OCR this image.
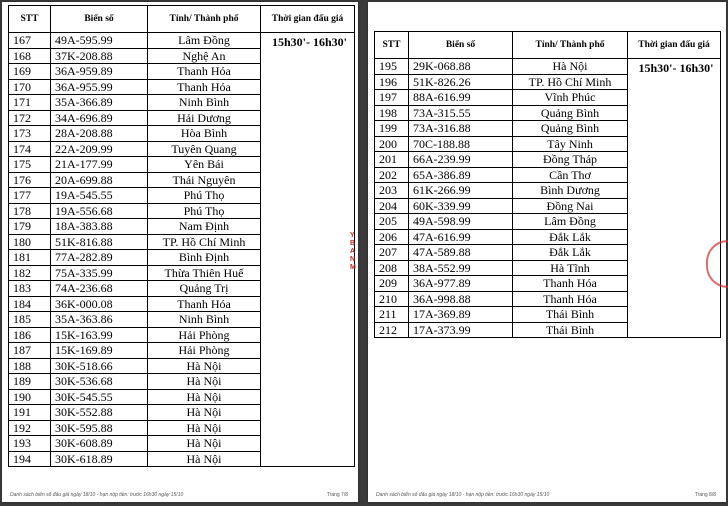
STT	Biển số	Tỉnh/ Thành phố	Thời gian đấu giá
167	49A-595.99	Lâm Đồng	15h30'- 16h30'
168	37K-208.88	Nghệ An	
169	36A-959.89	Thanh Hóa	
170	36A-955.99	Thanh Hóa	
171	35A-366.89	Ninh Bình	
172	34A-696.89	Hải Dương	
173	28A-208.88	Hòa Bình	
174	22A-209.99	Tuyên Quang	
175	21A-177.99	Yên Bái	
176	20A-699.88	Thái Nguyên	
177	19A-545.55	Phú Thọ	
178	19A-556.68	Phú Thọ	
179	18A-383.88	Nam Định	
180	51K-816.88	TP. Hồ Chí Minh	
181	77A-282.89	Bình Định	
182	75A-335.99	Thừa Thiên Huế	
183	74A-236.68	Quảng Trị	
184	36K-000.08	Thanh Hóa	
185	35A-363.86	Ninh Bình	
186	15K-163.99	Hải Phòng	
187	15K-169.89	Hải Phòng	
188	30K-518.66	Hà Nội	
189	30K-536.68	Hà Nội	
190	30K-545.55	Hà Nội	
191	30K-552.88	Hà Nội	
192	30K-595.88	Hà Nội	
193	30K-608.89	Hà Nội	
194	30K-618.89	Hà Nội	
Danh sách biển số đấu giá ngày 18/10 - hạn nộp tiền: trước 16h30 ngày 15/10	Trang 7/8
STT	Biển số	Tỉnh/ Thành phố	Thời gian đấu giá
195	29K-068.88	Hà Nội	15h30'- 16h30'
196	51K-826.26	TP. Hồ Chí Minh	
197	88A-616.99	Vĩnh Phúc	
198	73A-315.55	Quảng Bình	
199	73A-316.88	Quảng Bình	
200	70C-188.88	Tây Ninh	
201	66A-239.99	Đồng Tháp	
202	65A-386.89	Cần Thơ	
203	61K-266.99	Bình Dương	
204	60K-339.99	Đồng Nai	
205	49A-598.99	Lâm Đồng	
206	47A-616.99	Đắk Lắk	
207	47A-589.88	Đắk Lắk	
208	38A-552.99	Hà Tĩnh	
209	36A-977.89	Thanh Hóa	
210	36A-998.88	Thanh Hóa	
211	17A-369.89	Thái Bình	
212	17A-373.99	Thái Bình	
Danh sách biển số đấu giá ngày 18/10 - hạn nộp tiền: trước 16h30 ngày 15/10	Trang 8/8
Y BAN M
